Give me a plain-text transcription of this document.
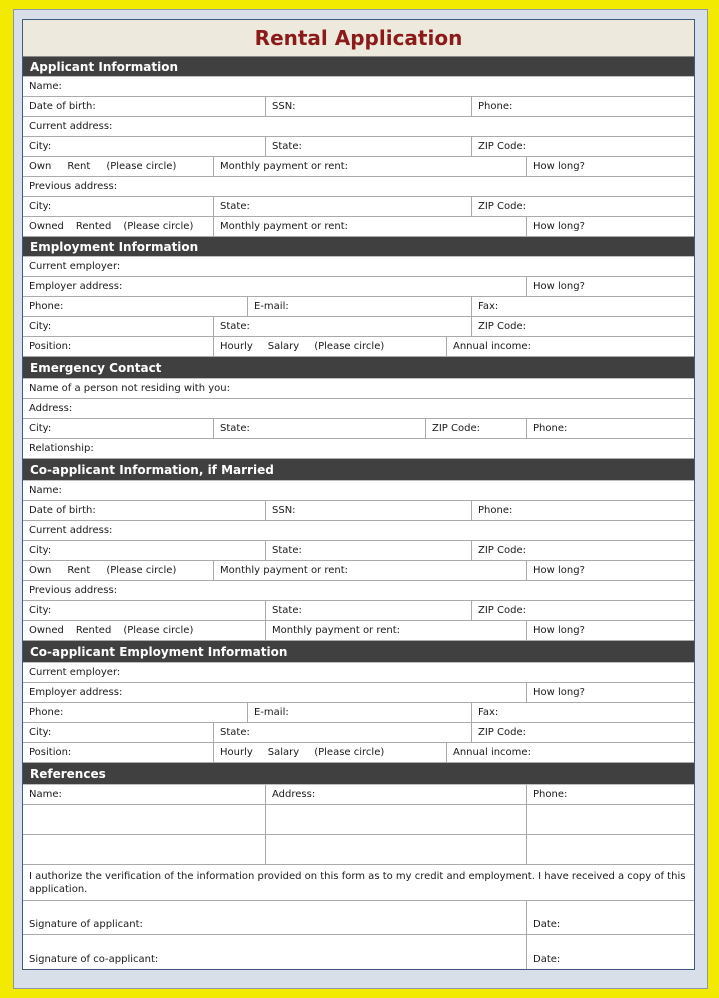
Rental Application
Applicant Information
Name:
Date of birth:	SSN:	Phone:
Current address:
City:	State:	ZIP Code:
Own Rent (Please circle)	Monthly payment or rent:	How long?
Previous address:
City:	State:	ZIP Code:
Owned Rented (Please circle)	Monthly payment or rent:	How long?
Employment Information
Current employer:
Employer address:	How long?
Phone:	E-mail:	Fax:
City:	State:	ZIP Code:
Position:	Hourly Salary (Please circle)	Annual income:
Emergency Contact
Name of a person not residing with you:
Address:
City:	State:	ZIP Code:	Phone:
Relationship:
Co-applicant Information, if Married
Name:
Date of birth:	SSN:	Phone:
Current address:
City:	State:	ZIP Code:
Own Rent (Please circle)	Monthly payment or rent:	How long?
Previous address:
City:	State:	ZIP Code:
Owned Rented (Please circle)	Monthly payment or rent:	How long?
Co-applicant Employment Information
Current employer:
Employer address:	How long?
Phone:	E-mail:	Fax:
City:	State:	ZIP Code:
Position:	Hourly Salary (Please circle)	Annual income:
References
Name:	Address:	Phone:
I authorize the verification of the information provided on this form as to my credit and employment. I have received a copy of this application.
Signature of applicant:	Date:
Signature of co-applicant:	Date:
